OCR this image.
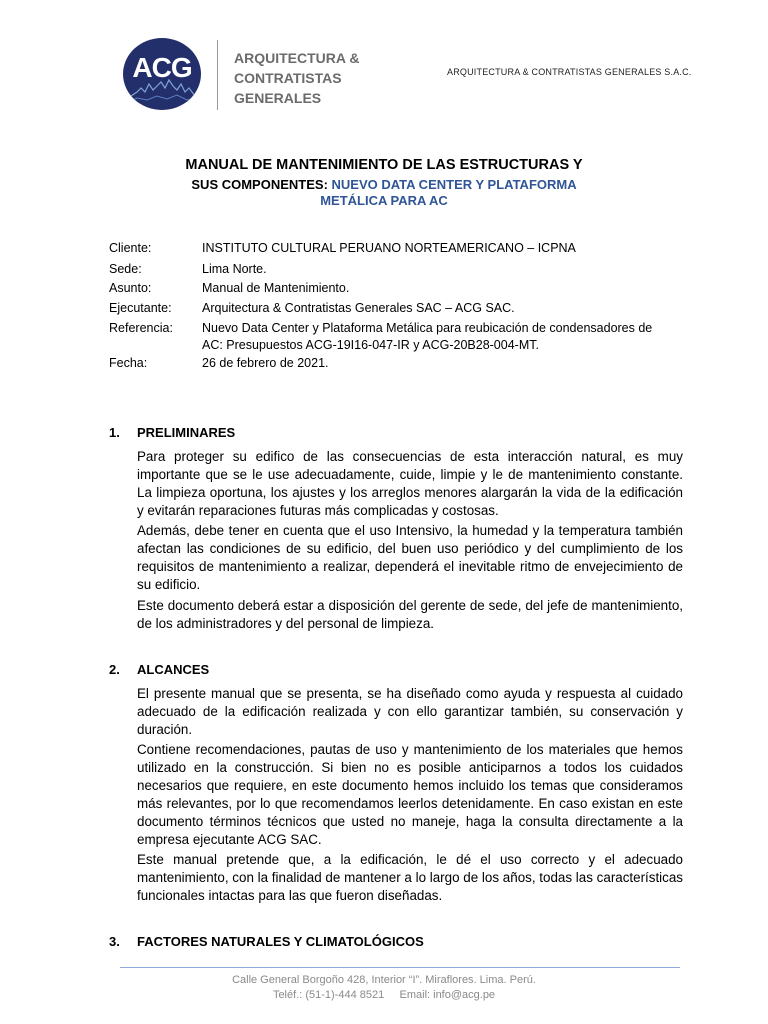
ACG	ARQUITECTURA &
CONTRATISTAS
GENERALES
ARQUITECTURA & CONTRATISTAS GENERALES S.A.C.
MANUAL DE MANTENIMIENTO DE LAS ESTRUCTURAS Y
SUS COMPONENTES: NUEVO DATA CENTER Y PLATAFORMA
METÁLICA PARA AC
Cliente:	INSTITUTO CULTURAL PERUANO NORTEAMERICANO – ICPNA
Sede:	Lima Norte.
Asunto:	Manual de Mantenimiento.
Ejecutante: Arquitectura & Contratistas Generales SAC – ACG SAC.
Referencia: Nuevo Data Center y Plataforma Metálica para reubicación de condensadores de AC: Presupuestos ACG-19I16-047-IR y ACG-20B28-004-MT.
Fecha:	26 de febrero de 2021.
1. PRELIMINARES
Para proteger su edifico de las consecuencias de esta interacción natural, es muy importante que se le use adecuadamente, cuide, limpie y le de mantenimiento constante. La limpieza oportuna, los ajustes y los arreglos menores alargarán la vida de la edificación y evitarán reparaciones futuras más complicadas y costosas.
Además, debe tener en cuenta que el uso Intensivo, la humedad y la temperatura también afectan las condiciones de su edificio, del buen uso periódico y del cumplimiento de los requisitos de mantenimiento a realizar, dependerá el inevitable ritmo de envejecimiento de su edificio.
Este documento deberá estar a disposición del gerente de sede, del jefe de mantenimiento, de los administradores y del personal de limpieza.
2. ALCANCES
El presente manual que se presenta, se ha diseñado como ayuda y respuesta al cuidado adecuado de la edificación realizada y con ello garantizar también, su conservación y duración.
Contiene recomendaciones, pautas de uso y mantenimiento de los materiales que hemos utilizado en la construcción. Si bien no es posible anticiparnos a todos los cuidados necesarios que requiere, en este documento hemos incluido los temas que consideramos más relevantes, por lo que recomendamos leerlos detenidamente. En caso existan en este documento términos técnicos que usted no maneje, haga la consulta directamente a la empresa ejecutante ACG SAC.
Este manual pretende que, a la edificación, le dé el uso correcto y el adecuado mantenimiento, con la finalidad de mantener a lo largo de los años, todas las características funcionales intactas para las que fueron diseñadas.
3. FACTORES NATURALES Y CLIMATOLÓGICOS
Calle General Borgoño 428, Interior “I”. Miraflores. Lima. Perú.
Teléf.: (51-1)-444 8521     Email: info@acg.pe
